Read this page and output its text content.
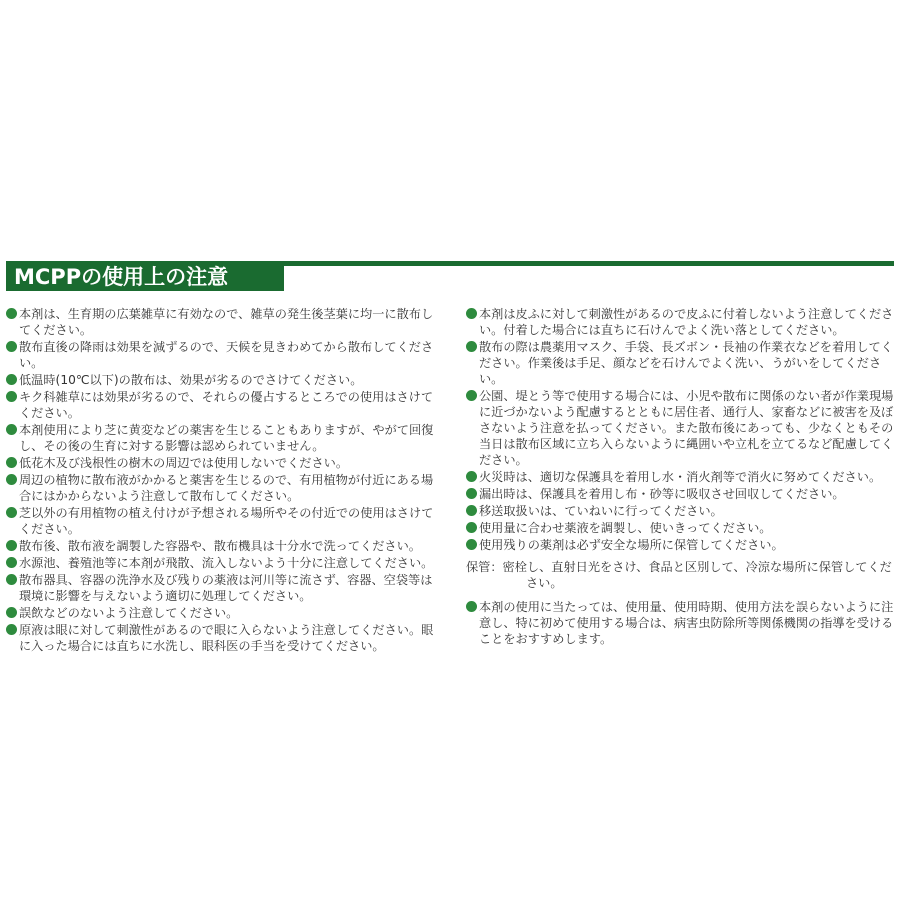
MCPPの使用上の注意
本剤は、生育期の広葉雑草に有効なので、雑草の発生後茎葉に均一に散布してください。
散布直後の降雨は効果を減ずるので、天候を見きわめてから散布してください。
低温時(10℃以下)の散布は、効果が劣るのでさけてください。
キク科雑草には効果が劣るので、それらの優占するところでの使用はさけてください。
本剤使用により芝に黄変などの薬害を生じることもありますが、やがて回復し、その後の生育に対する影響は認められていません。
低花木及び浅根性の樹木の周辺では使用しないでください。
周辺の植物に散布液がかかると薬害を生じるので、有用植物が付近にある場合にはかからないよう注意して散布してください。
芝以外の有用植物の植え付けが予想される場所やその付近での使用はさけてください。
散布後、散布液を調製した容器や、散布機具は十分水で洗ってください。
水源池、養殖池等に本剤が飛散、流入しないよう十分に注意してください。
散布器具、容器の洗浄水及び残りの薬液は河川等に流さず、容器、空袋等は環境に影響を与えないよう適切に処理してください。
誤飲などのないよう注意してください。
原液は眼に対して刺激性があるので眼に入らないよう注意してください。眼に入った場合には直ちに水洗し、眼科医の手当を受けてください。
本剤は皮ふに対して刺激性があるので皮ふに付着しないよう注意してください。付着した場合には直ちに石けんでよく洗い落としてください。
散布の際は農薬用マスク、手袋、長ズボン・長袖の作業衣などを着用してください。作業後は手足、顔などを石けんでよく洗い、うがいをしてください。
公園、堤とう等で使用する場合には、小児や散布に関係のない者が作業現場に近づかないよう配慮するとともに居住者、通行人、家畜などに被害を及ぼさないよう注意を払ってください。また散布後にあっても、少なくともその当日は散布区域に立ち入らないように縄囲いや立札を立てるなど配慮してください。
火災時は、適切な保護具を着用し水・消火剤等で消火に努めてください。
漏出時は、保護具を着用し布・砂等に吸収させ回収してください。
移送取扱いは、ていねいに行ってください。
使用量に合わせ薬液を調製し、使いきってください。
使用残りの薬剤は必ず安全な場所に保管してください。
保管：密栓し、直射日光をさけ、食品と区別して、冷涼な場所に保管してください。
本剤の使用に当たっては、使用量、使用時期、使用方法を誤らないように注意し、特に初めて使用する場合は、病害虫防除所等関係機関の指導を受けることをおすすめします。
